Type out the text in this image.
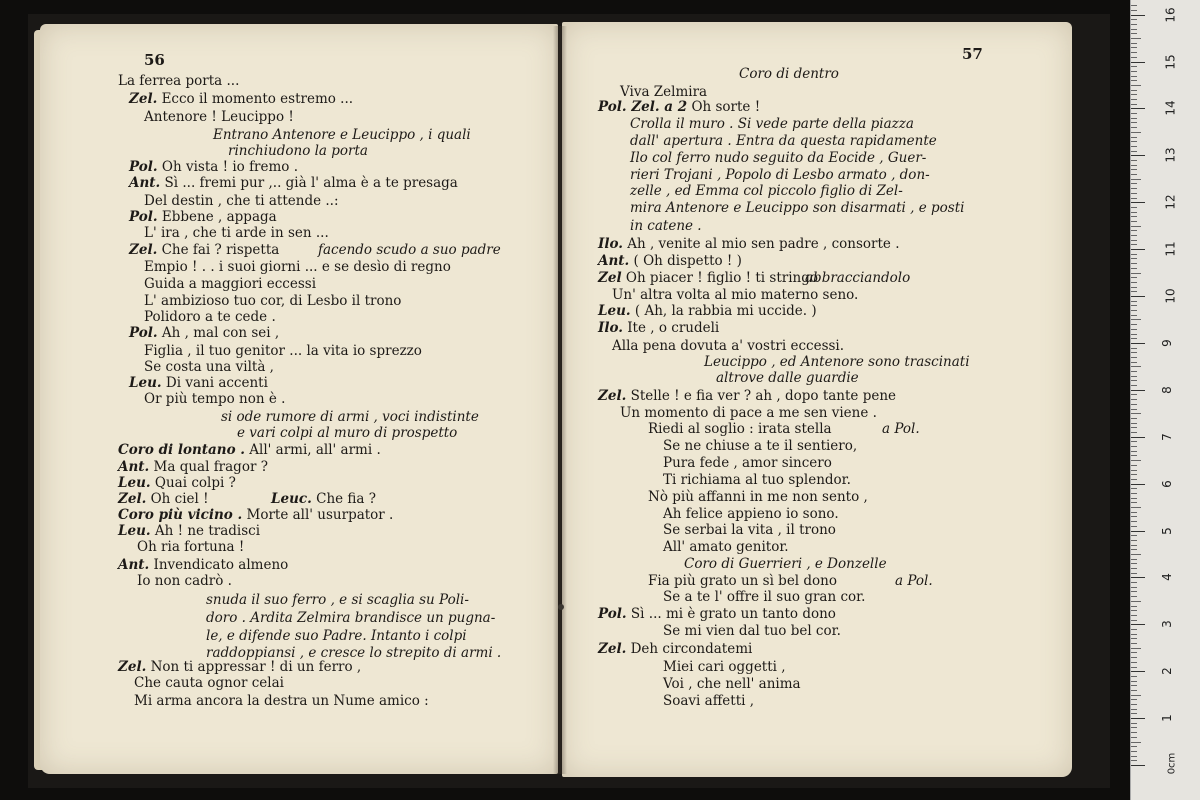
0cm
1
2
3
4
5
6
7
8
9
10
11
12
13
14
15
16
La ferrea porta ...
Zel. Ecco il momento estremo ...
Antenore ! Leucippo !
Entrano Antenore e Leucippo , i quali
rinchiudono la porta
Pol. Oh vista ! io fremo .
Ant. Sì ... fremi pur ,.. già l' alma è a te presaga
Del destin , che ti attende ..:
Pol. Ebbene , appaga
L' ira , che ti arde in sen ...
Zel. Che fai ? rispetta	facendo scudo a suo padre
Empio ! . . i suoi giorni ... e se desìo di regno
Guida a maggiori eccessi
L' ambizioso tuo cor, di Lesbo il trono
Polidoro a te cede .
Pol. Ah , mal con sei ,
Figlia , il tuo genitor ... la vita io sprezzo
Se costa una viltà ,
Leu. Di vani accenti
Or più tempo non è .
si ode rumore di armi , voci indistinte
e vari colpi al muro di prospetto
Coro di lontano . All' armi, all' armi .
Ant. Ma qual fragor ?
Leu. Quai colpi ?
Zel. Oh ciel !	Leuc. Che fia ?
Coro più vicino . Morte all' usurpator .
Leu. Ah ! ne tradisci
Oh ria fortuna !
Ant. Invendicato almeno
Io non cadrò .
snuda il suo ferro , e si scaglia su Poli-
doro . Ardita Zelmira brandisce un pugna-
le, e difende suo Padre. Intanto i colpi
raddoppiansi , e cresce lo strepito di armi .
Zel. Non ti appressar ! di un ferro ,
Che cauta ognor celai
Mi arma ancora la destra un Nume amico :
Coro di dentro
Viva Zelmira
Pol. Zel. a 2 Oh sorte !
Crolla il muro . Si vede parte della piazza
dall' apertura . Entra da questa rapidamente
Ilo col ferro nudo seguito da Eocide , Guer-
rieri Trojani , Popolo di Lesbo armato , don-
zelle , ed Emma col piccolo figlio di Zel-
mira Antenore e Leucippo son disarmati , e posti
in catene .
Ilo. Ah , venite al mio sen padre , consorte .
Ant. ( Oh dispetto ! )
Zel Oh piacer ! figlio ! ti stringo
abbracciandolo
Un' altra volta al mio materno seno.
Leu. ( Ah, la rabbia mi uccide. )
Ilo. Ite , o crudeli
Alla pena dovuta a' vostri eccessi.
Leucippo , ed Antenore sono trascinati
altrove dalle guardie
Zel. Stelle ! e fia ver ? ah , dopo tante pene
Un momento di pace a me sen viene .
Riedi al soglio : irata stella	a Pol.
Se ne chiuse a te il sentiero,
Pura fede , amor sincero
Ti richiama al tuo splendor.
Nò più affanni in me non sento ,
Ah felice appieno io sono.
Se serbai la vita , il trono
All' amato genitor.
Coro di Guerrieri , e Donzelle
Fia più grato un sì bel dono	a Pol.
Se a te l' offre il suo gran cor.
Pol. Sì ... mi è grato un tanto dono
Se mi vien dal tuo bel cor.
Zel. Deh circondatemi
Miei cari oggetti ,
Voi , che nell' anima
Soavi affetti ,
56	57
